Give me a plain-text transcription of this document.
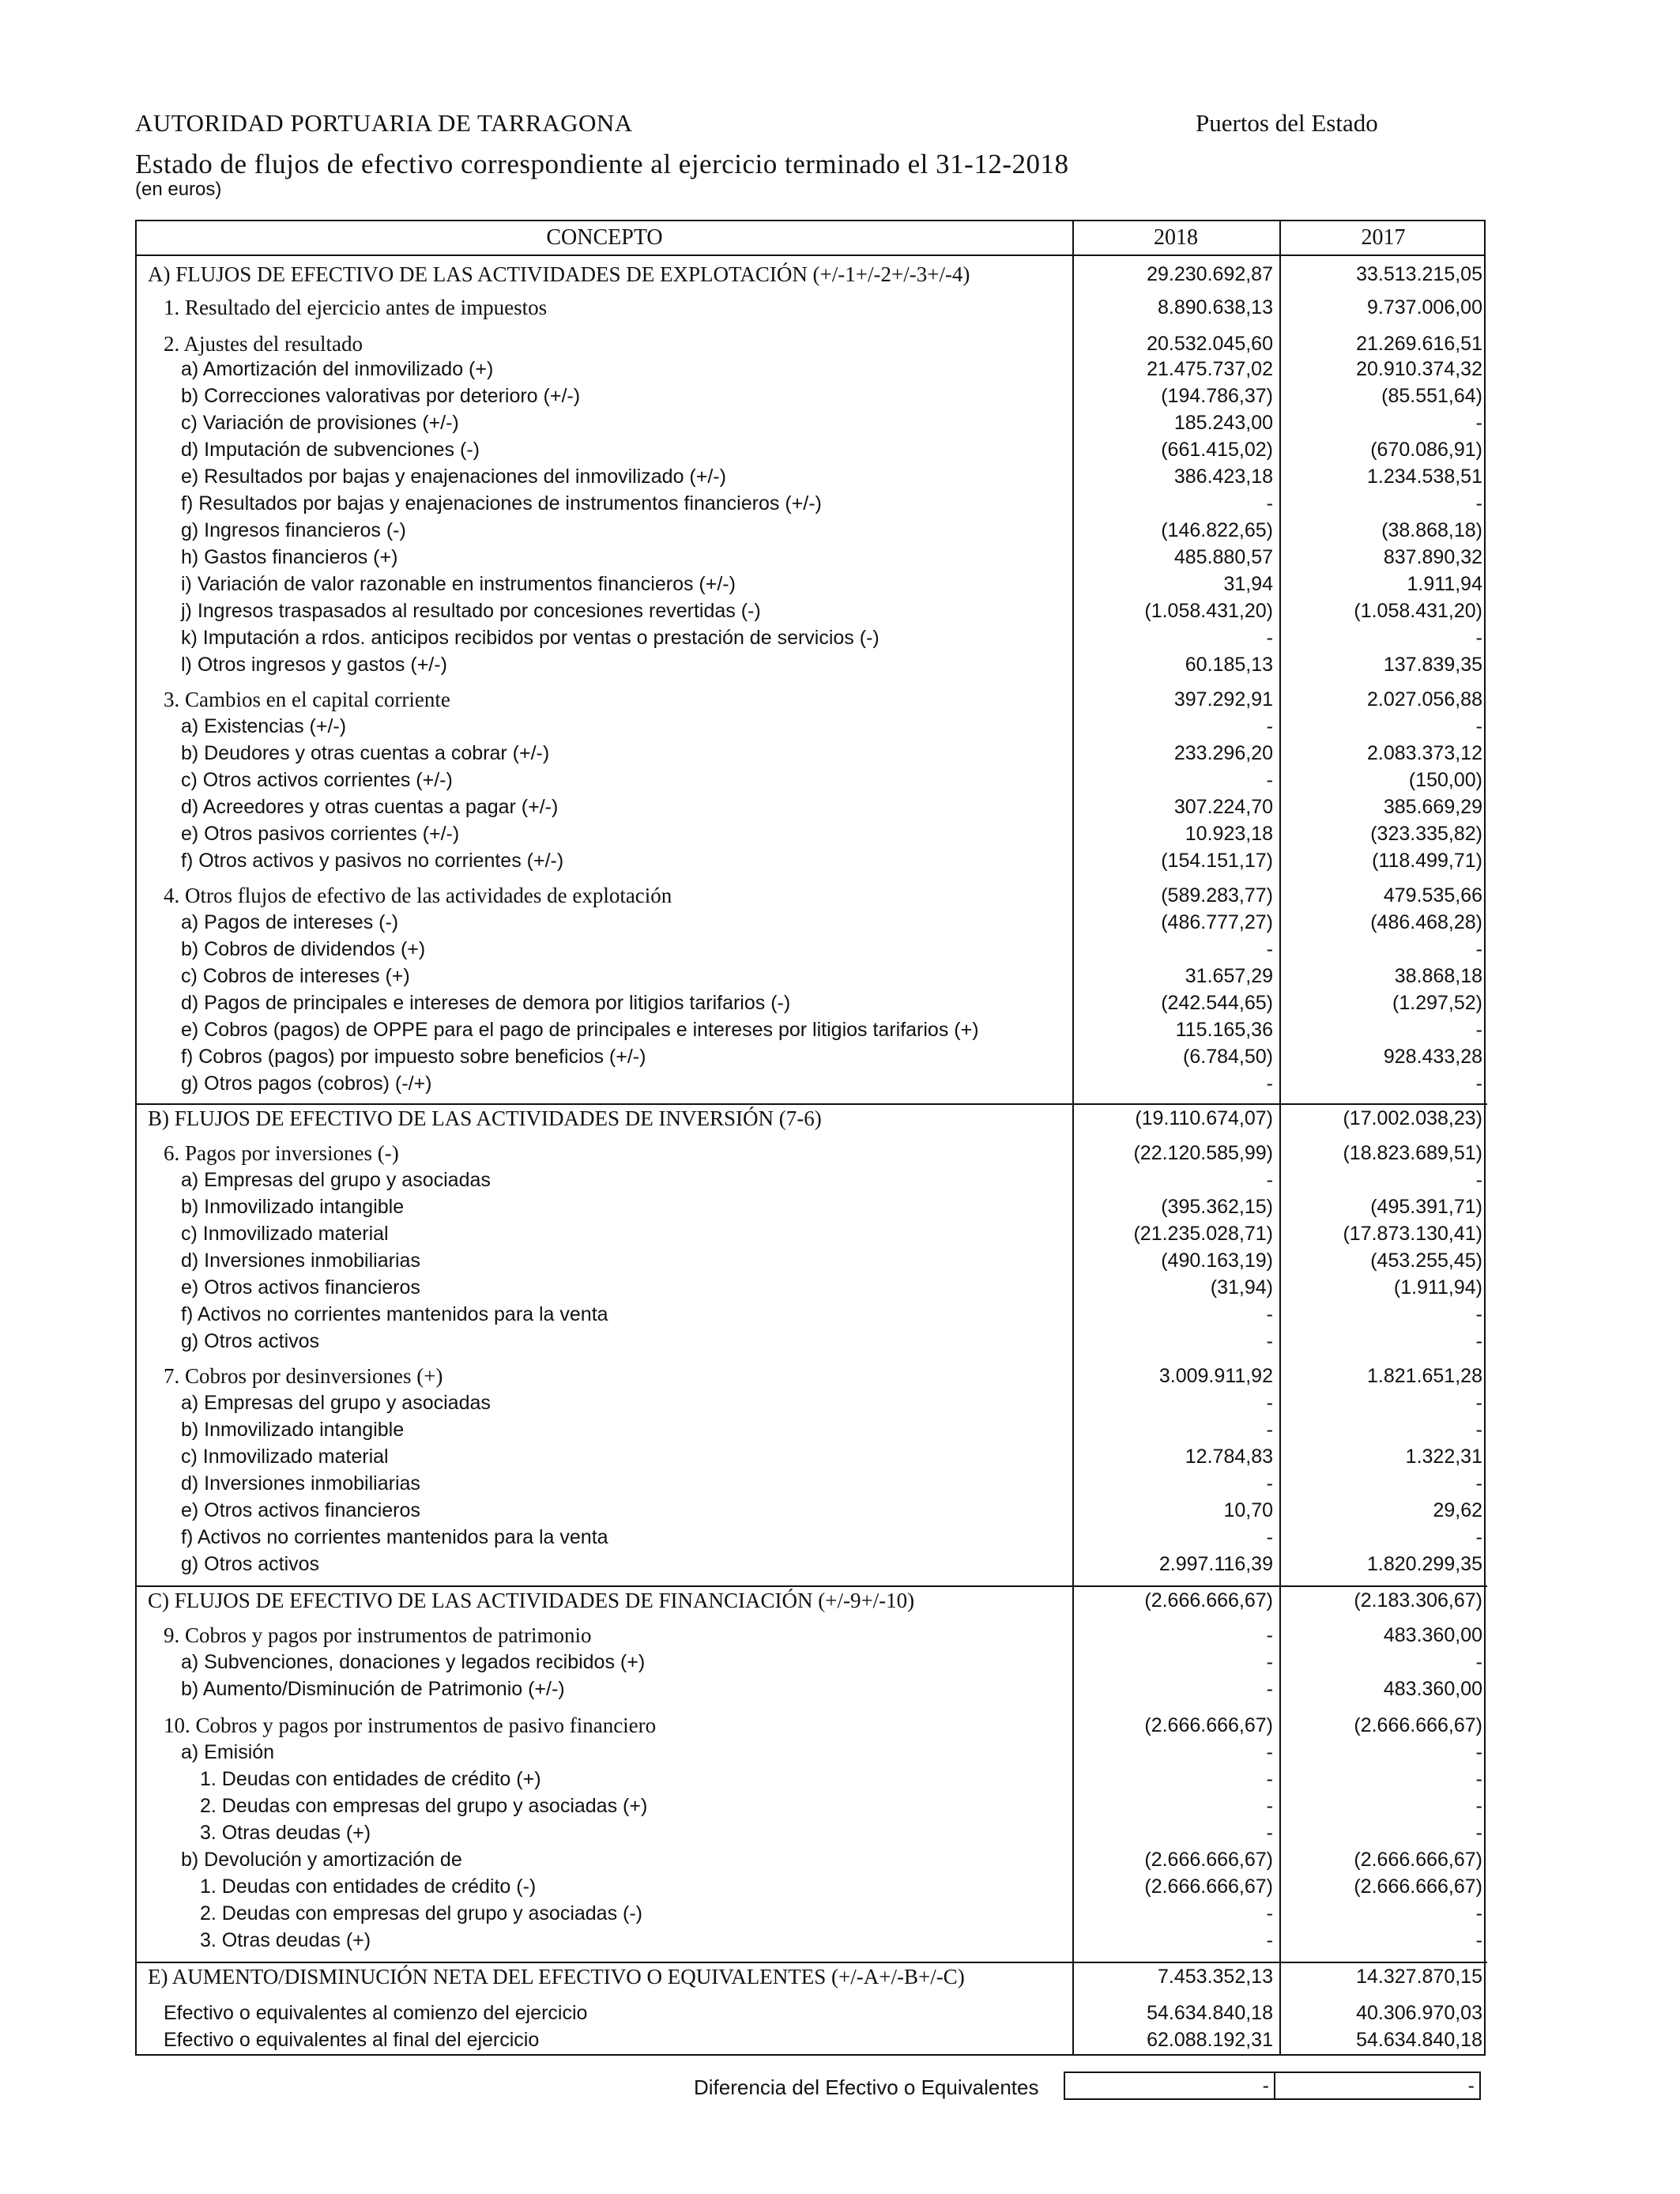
AUTORIDAD PORTUARIA DE TARRAGONA	Puertos del Estado
Estado de flujos de efectivo correspondiente al ejercicio terminado el 31-12-2018
(en euros)
CONCEPTO	2018	2017
A) FLUJOS DE EFECTIVO DE LAS ACTIVIDADES DE EXPLOTACIÓN (+/-1+/-2+/-3+/-4)	29.230.692,87	33.513.215,05
1. Resultado del ejercicio antes de impuestos	8.890.638,13	9.737.006,00
2. Ajustes del resultado	20.532.045,60	21.269.616,51
a) Amortización del inmovilizado (+)	21.475.737,02	20.910.374,32
b) Correcciones valorativas por deterioro (+/-)	(194.786,37)	(85.551,64)
c) Variación de provisiones (+/-)	185.243,00	-
d) Imputación de subvenciones (-)	(661.415,02)	(670.086,91)
e) Resultados por bajas y enajenaciones del inmovilizado (+/-)	386.423,18	1.234.538,51
f) Resultados por bajas y enajenaciones de instrumentos financieros (+/-)	-	-
g) Ingresos financieros (-)	(146.822,65)	(38.868,18)
h) Gastos financieros (+)	485.880,57	837.890,32
i) Variación de valor razonable en instrumentos financieros (+/-)	31,94	1.911,94
j) Ingresos traspasados al resultado por concesiones revertidas (-)	(1.058.431,20)	(1.058.431,20)
k) Imputación a rdos. anticipos recibidos por ventas o prestación de servicios (-)	-	-
l) Otros ingresos y gastos (+/-)	60.185,13	137.839,35
3. Cambios en el capital corriente	397.292,91	2.027.056,88
a) Existencias (+/-)	-	-
b) Deudores y otras cuentas a cobrar (+/-)	233.296,20	2.083.373,12
c) Otros activos corrientes (+/-)	-	(150,00)
d) Acreedores y otras cuentas a pagar (+/-)	307.224,70	385.669,29
e) Otros pasivos corrientes (+/-)	10.923,18	(323.335,82)
f) Otros activos y pasivos no corrientes (+/-)	(154.151,17)	(118.499,71)
4. Otros flujos de efectivo de las actividades de explotación	(589.283,77)	479.535,66
a) Pagos de intereses (-)	(486.777,27)	(486.468,28)
b) Cobros de dividendos (+)	-	-
c) Cobros de intereses (+)	31.657,29	38.868,18
d) Pagos de principales e intereses de demora por litigios tarifarios (-)	(242.544,65)	(1.297,52)
e) Cobros (pagos) de OPPE para el pago de principales e intereses por litigios tarifarios (+)	115.165,36	-
f) Cobros (pagos) por impuesto sobre beneficios (+/-)	(6.784,50)	928.433,28
g) Otros pagos (cobros) (-/+)	-	-
B) FLUJOS DE EFECTIVO DE LAS ACTIVIDADES DE INVERSIÓN (7-6)	(19.110.674,07)	(17.002.038,23)
6. Pagos por inversiones (-)	(22.120.585,99)	(18.823.689,51)
a) Empresas del grupo y asociadas	-	-
b) Inmovilizado intangible	(395.362,15)	(495.391,71)
c) Inmovilizado material	(21.235.028,71)	(17.873.130,41)
d) Inversiones inmobiliarias	(490.163,19)	(453.255,45)
e) Otros activos financieros	(31,94)	(1.911,94)
f) Activos no corrientes mantenidos para la venta	-	-
g) Otros activos	-	-
7. Cobros por desinversiones (+)	3.009.911,92	1.821.651,28
a) Empresas del grupo y asociadas	-	-
b) Inmovilizado intangible	-	-
c) Inmovilizado material	12.784,83	1.322,31
d) Inversiones inmobiliarias	-	-
e) Otros activos financieros	10,70	29,62
f) Activos no corrientes mantenidos para la venta	-	-
g) Otros activos	2.997.116,39	1.820.299,35
C) FLUJOS DE EFECTIVO DE LAS ACTIVIDADES DE FINANCIACIÓN (+/-9+/-10)	(2.666.666,67)	(2.183.306,67)
9. Cobros y pagos por instrumentos de patrimonio	-	483.360,00
a) Subvenciones, donaciones y legados recibidos (+)	-	-
b) Aumento/Disminución de Patrimonio (+/-)	-	483.360,00
10. Cobros y pagos por instrumentos de pasivo financiero	(2.666.666,67)	(2.666.666,67)
a) Emisión	-	-
1. Deudas con entidades de crédito (+)	-	-
2. Deudas con empresas del grupo y asociadas (+)	-	-
3. Otras deudas (+)	-	-
b) Devolución y amortización de	(2.666.666,67)	(2.666.666,67)
1. Deudas con entidades de crédito (-)	(2.666.666,67)	(2.666.666,67)
2. Deudas con empresas del grupo y asociadas (-)	-	-
3. Otras deudas (+)	-	-
E) AUMENTO/DISMINUCIÓN NETA DEL EFECTIVO O EQUIVALENTES (+/-A+/-B+/-C)	7.453.352,13	14.327.870,15
Efectivo o equivalentes al comienzo del ejercicio	54.634.840,18	40.306.970,03
Efectivo o equivalentes al final del ejercicio	62.088.192,31	54.634.840,18
Diferencia del Efectivo o Equivalentes	-	-
